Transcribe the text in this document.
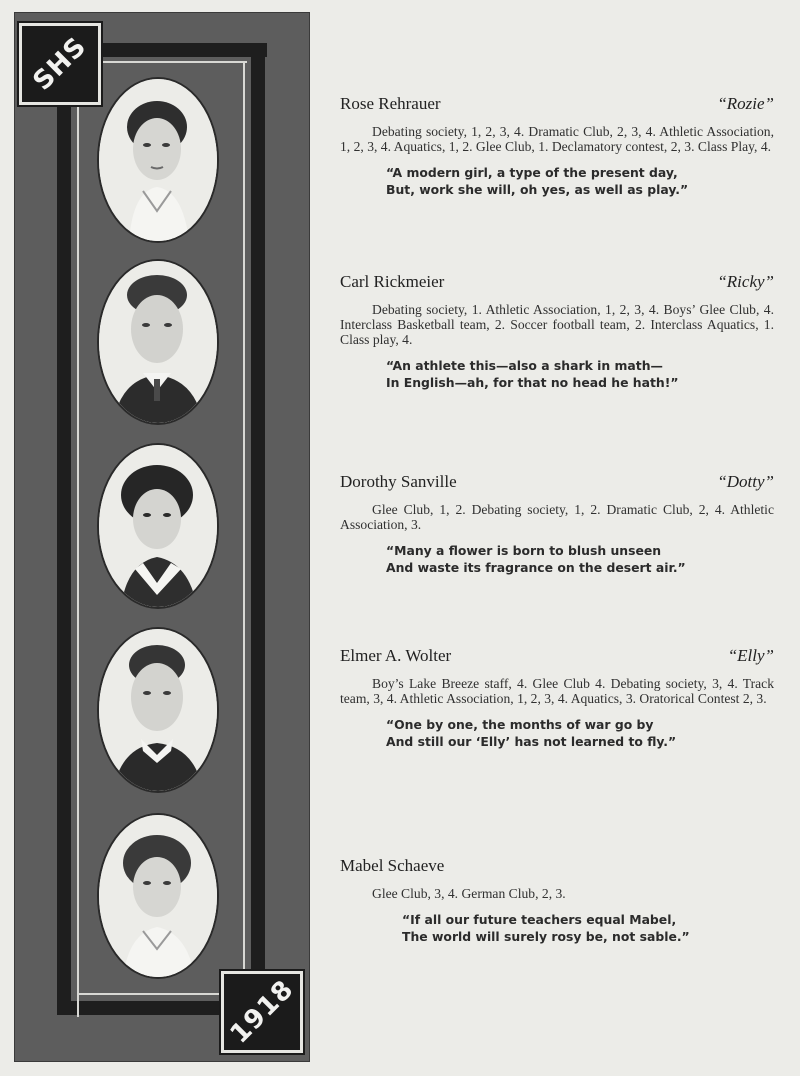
SHS
1918
Rose Rehrauer	“Rozie”
Debating society, 1, 2, 3, 4. Dramatic Club, 2, 3, 4. Athletic Association, 1, 2, 3, 4. Aquatics, 1, 2. Glee Club, 1. Declamatory contest, 2, 3. Class Play, 4.
“A modern girl, a type of the present day,
But, work she will, oh yes, as well as play.”
Carl Rickmeier	“Ricky”
Debating society, 1. Athletic Association, 1, 2, 3, 4. Boys’ Glee Club, 4. Interclass Basketball team, 2. Soccer football team, 2. Interclass Aquatics, 1. Class play, 4.
“An athlete this—also a shark in math—
In English—ah, for that no head he hath!”
Dorothy Sanville	“Dotty”
Glee Club, 1, 2. Debating society, 1, 2. Dramatic Club, 2, 4. Athletic Association, 3.
“Many a flower is born to blush unseen
And waste its fragrance on the desert air.”
Elmer A. Wolter	“Elly”
Boy’s Lake Breeze staff, 4. Glee Club 4. Debating society, 3, 4. Track team, 3, 4. Athletic Association, 1, 2, 3, 4. Aquatics, 3. Oratorical Contest 2, 3.
“One by one, the months of war go by
And still our ‘Elly’ has not learned to fly.”
Mabel Schaeve
Glee Club, 3, 4. German Club, 2, 3.
“If all our future teachers equal Mabel,
The world will surely rosy be, not sable.”
